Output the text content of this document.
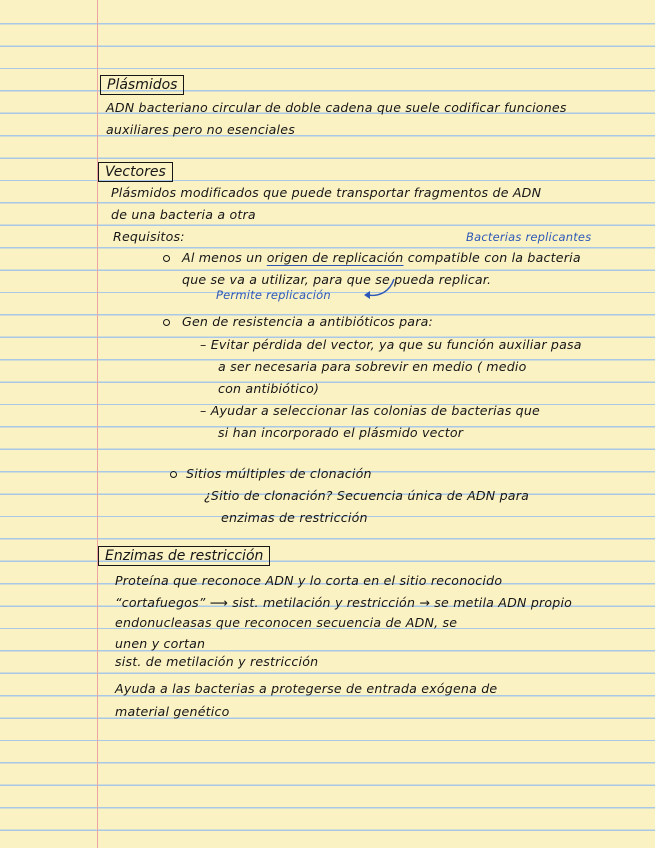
Plásmidos
ADN bacteriano circular de doble cadena que suele codificar funciones
auxiliares pero no esenciales
Vectores
Plásmidos modificados que puede transportar fragmentos de ADN
de una bacteria a otra
Requisitos:	Bacterias replicantes
Al menos un origen de replicación compatible con la bacteria
que se va a utilizar, para que se pueda replicar.
Permite replicación
Gen de resistencia a antibióticos para:
– Evitar pérdida del vector, ya que su función auxiliar pasa
a ser necesaria para sobrevir en medio ( medio
con antibiótico)
– Ayudar a seleccionar las colonias de bacterias que
si han incorporado el plásmido vector
Sitios múltiples de clonación
¿Sitio de clonación? Secuencia única de ADN para
enzimas de restricción
Enzimas de restricción
Proteína que reconoce ADN y lo corta en el sitio reconocido
“cortafuegos” ⟶ sist. metilación y restricción → se metila ADN propio
endonucleasas que reconocen secuencia de ADN, se
unen y cortan
sist. de metilación y restricción
Ayuda a las bacterias a protegerse de entrada exógena de
material genético
